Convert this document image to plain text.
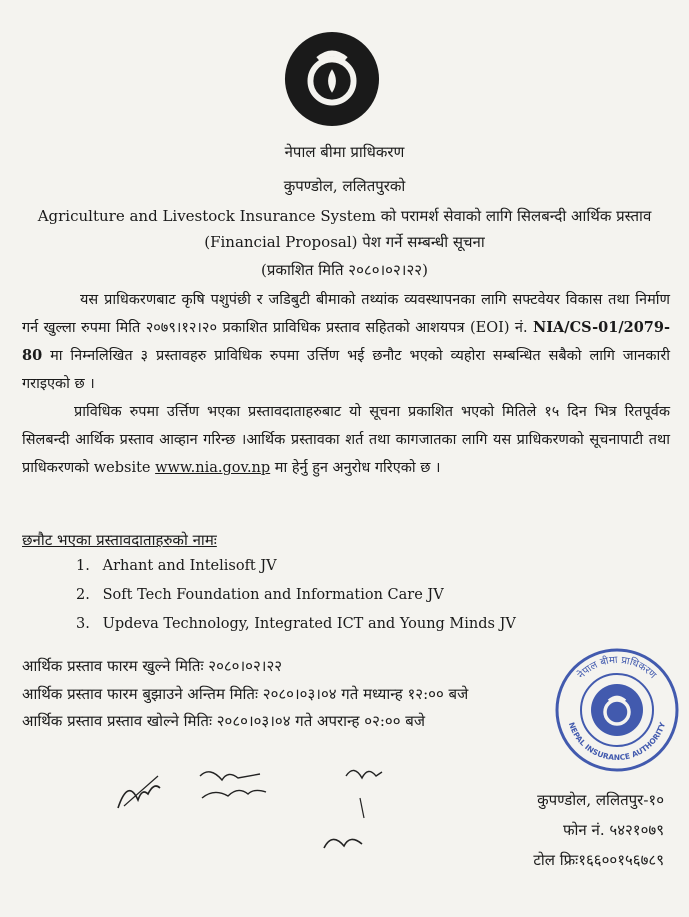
नेपाल बीमा प्राधिकरण
कुपण्डोल, ललितपुरको
Agriculture and Livestock Insurance System को परामर्श सेवाको लागि सिलबन्दी आर्थिक प्रस्ताव
(Financial Proposal) पेश गर्ने सम्बन्धी सूचना
(प्रकाशित मिति २०८०।०२।२२)
यस प्राधिकरणबाट कृषि पशुपंछी र जडिबुटी बीमाको तथ्यांक व्यवस्थापनका लागि सफ्टवेयर विकास तथा निर्माण गर्न खुल्ला रुपमा मिति २०७९।१२।२० प्रकाशित प्राविधिक प्रस्ताव सहितको आशयपत्र (EOI) नं. NIA/CS-01/2079-80 मा निम्नलिखित ३ प्रस्तावहरु प्राविधिक रुपमा उर्त्तिण भई छनौट भएको व्यहोरा सम्बन्धित सबैको लागि जानकारी गराइएको छ ।
प्राविधिक रुपमा उर्त्तिण भएका प्रस्तावदाताहरुबाट यो सूचना प्रकाशित भएको मितिले १५ दिन भित्र रितपूर्वक सिलबन्दी आर्थिक प्रस्ताव आव्हान गरिन्छ ।आर्थिक प्रस्तावका शर्त तथा कागजातका लागि यस प्राधिकरणको सूचनापाटी तथा प्राधिकरणको website www.nia.gov.np मा हेर्नु हुन अनुरोध गरिएको छ ।
छनौट भएका प्रस्तावदाताहरुको नामः
1. Arhant and Intelisoft JV
2. Soft Tech Foundation and Information Care JV
3. Updeva Technology, Integrated ICT and Young Minds JV
आर्थिक प्रस्ताव फारम खुल्ने मितिः २०८०।०२।२२
आर्थिक प्रस्ताव फारम बुझाउने अन्तिम मितिः २०८०।०३।०४ गते मध्यान्ह १२:०० बजे
आर्थिक प्रस्ताव प्रस्ताव खोल्ने मितिः २०८०।०३।०४ गते अपरान्ह ०२:०० बजे
नेपाल बीमा प्राधिकरण
NEPAL INSURANCE AUTHORITY
कुपण्डोल, ललितपुर-१०
फोन नं. ५४२१०७९
टोल फ्रिः१६६००१५६७८९
